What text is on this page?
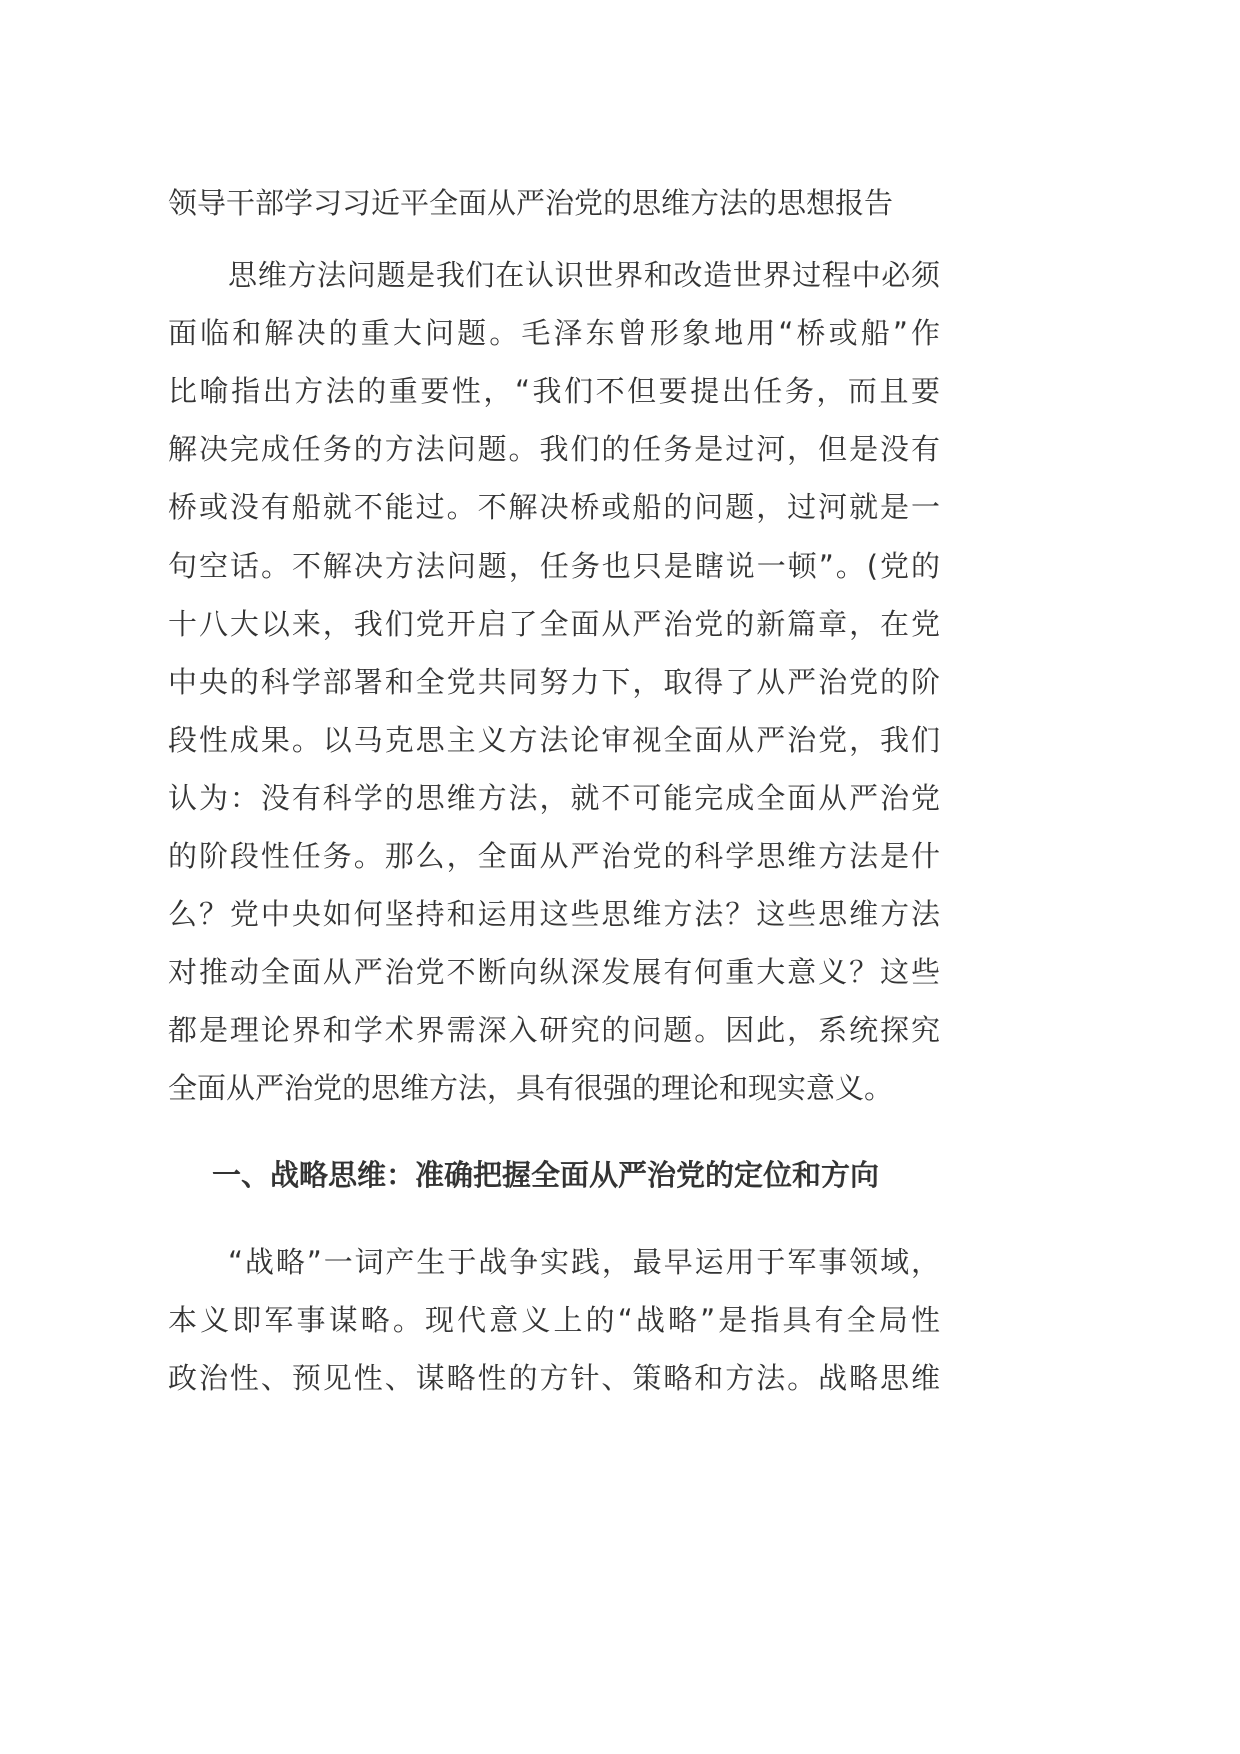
领导干部学习习近平全面从严治党的思维方法的思想报告
思维方法问题是我们在认识世界和改造世界过程中必须
面临和解决的重大问题。毛泽东曾形象地用“桥或船”作
比喻指出方法的重要性，“我们不但要提出任务，而且要
解决完成任务的方法问题。我们的任务是过河，但是没有
桥或没有船就不能过。不解决桥或船的问题，过河就是一
句空话。不解决方法问题，任务也只是瞎说一顿”。(党的
十八大以来，我们党开启了全面从严治党的新篇章，在党
中央的科学部署和全党共同努力下，取得了从严治党的阶
段性成果。以马克思主义方法论审视全面从严治党，我们
认为：没有科学的思维方法，就不可能完成全面从严治党
的阶段性任务。那么，全面从严治党的科学思维方法是什
么？党中央如何坚持和运用这些思维方法？这些思维方法
对推动全面从严治党不断向纵深发展有何重大意义？这些
都是理论界和学术界需深入研究的问题。因此，系统探究
全面从严治党的思维方法，具有很强的理论和现实意义。
一、战略思维：准确把握全面从严治党的定位和方向
“战略”一词产生于战争实践，最早运用于军事领域，
本义即军事谋略。现代意义上的“战略”是指具有全局性
政治性、预见性、谋略性的方针、策略和方法。战略思维
